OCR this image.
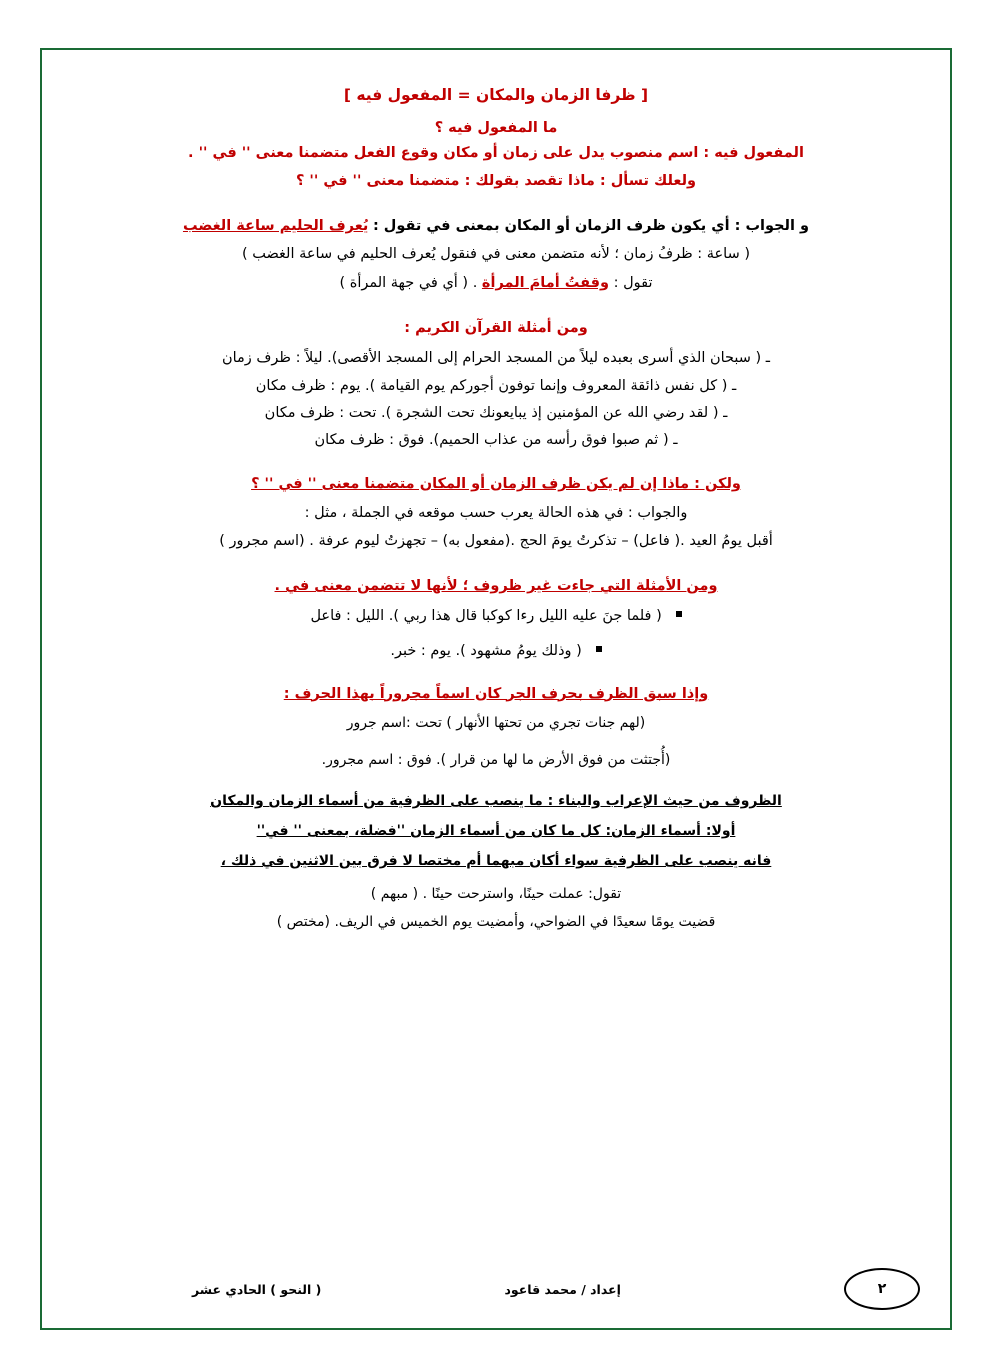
[ ظرفا الزمان والمكان = المفعول فيه ]
ما المفعول فيه ؟

المفعول فيه : اسم منصوب يدل على زمان أو مكان وقوع الفعل متضمنا معنى '' في '' .

ولعلك تسأل : ماذا تقصد بقولك : متضمنا معنى '' في '' ؟

و الجواب : أي يكون ظرف الزمان أو المكان بمعنى في تقول : يُعرف الحليم ساعة الغضب

( ساعة : ظرفُ زمان ؛ لأنه متضمن معنى في فنقول يُعرف الحليم في ساعة الغضب )

تقول : وقفتُ أمامَ المرأة . ( أي في جهة المرأة )

ومن أمثلة القرآن الكريم :
ـ ( سبحان الذي أسرى بعبده ليلاً من المسجد الحرام إلى المسجد الأقصى). ليلاً : ظرف زمان
ـ ( كل نفس ذائقة المعروف وإنما توفون أجوركم يوم القيامة ). يوم : ظرف مكان
ـ ( لقد رضي الله عن المؤمنين إذ يبايعونك تحت الشجرة ). تحت : ظرف مكان
ـ ( ثم صبوا فوق رأسه من عذاب الحميم). فوق : ظرف مكان
ولكن : ماذا إن لم يكن ظرف الزمان أو المكان متضمنا معنى '' في '' ؟
والجواب : في هذه الحالة يعرب حسب موقعه في الجملة ، مثل :
أقبل يومُ العيد .( فاعل) – تذكرتُ يومَ الحج .(مفعول به) – تجهزتُ ليوم عرفة . (اسم مجرور )
ومن الأمثلة التي جاءت غير ظروف ؛ لأنها لا تتضمن معنى في .
( فلما جنَ عليه الليل رءا كوكبا قال هذا ربي ). الليل : فاعل
( وذلك يومُ مشهود ). يوم : خبر.
وإذا سبق الظرف بحرف الجر كان اسماً مجروراً بهذا الحرف :
(لهم جنات تجري من تحتها الأنهار ) تحت :اسم جرور
(أُجتثت من فوق الأرض ما لها من قرار ). فوق : اسم مجرور.
الظروف من حيث الإعراب والبناء : ما ينصب على الظرفية من أسماء الزمان والمكان
أولا: أسماء الزمان: كل ما كان من أسماء الزمان ''فضلة، بمعنى '' في''
فانه ينصب على الظرفية سواء أكان مبهما أم مختصا لا فرق بين الاثنين في ذلك ،
تقول: عملت حينًا، واسترحت حينًا . ( مبهم )
قضيت يومًا سعيدًا في الضواحي، وأمضيت يوم الخميس في الريف. (مختص )
٢
إعداد / محمد قاعود
( النحو ) الحادي عشر
